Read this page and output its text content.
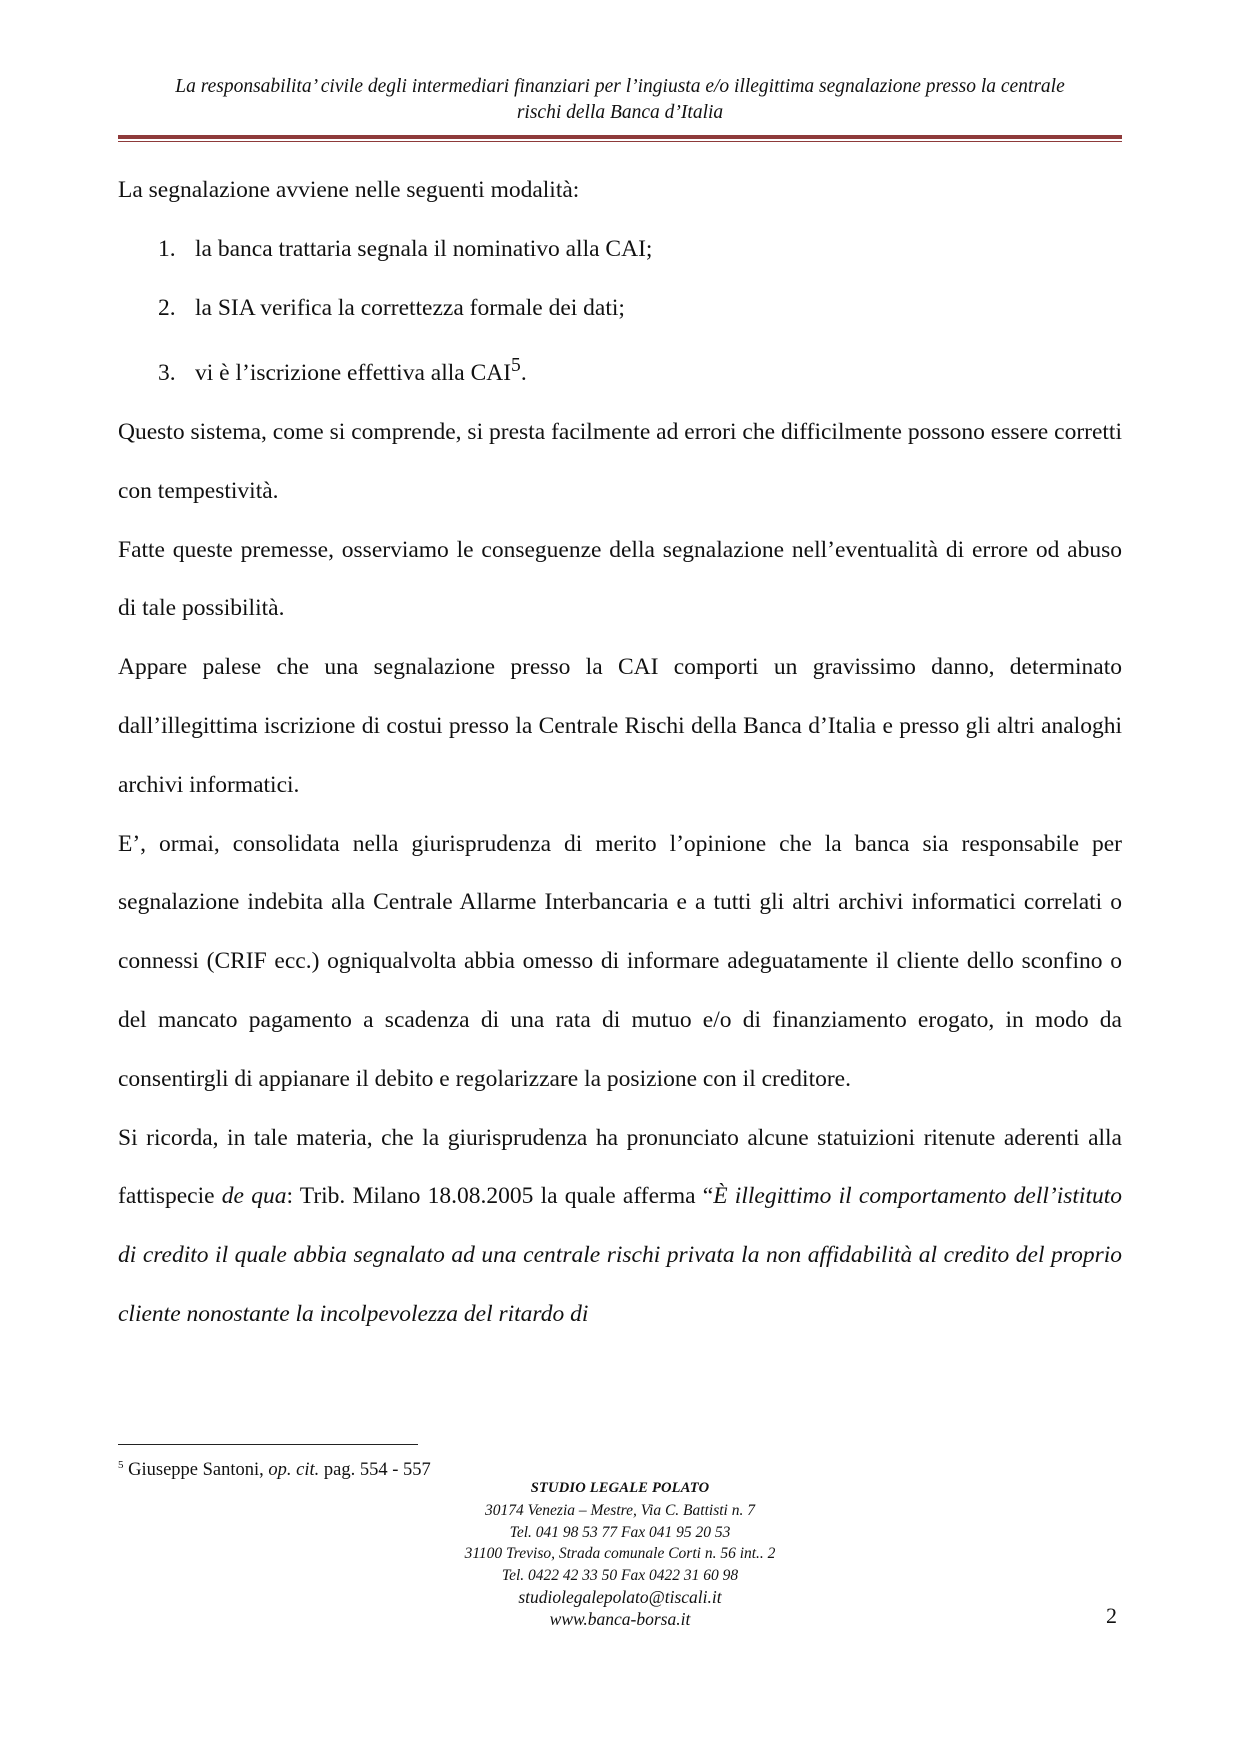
La responsabilita’ civile degli intermediari finanziari per l’ingiusta e/o illegittima segnalazione presso la centrale
rischi della Banca d’Italia

La segnalazione avviene nelle seguenti modalità:

1. la banca trattaria segnala il nominativo alla CAI;
2. la SIA verifica la correttezza formale dei dati;
3. vi è l’iscrizione effettiva alla CAI$^5$.

Questo sistema, come si comprende, si presta facilmente ad errori che difficilmente possono essere corretti con tempestività.

Fatte queste premesse, osserviamo le conseguenze della segnalazione nell’eventualità di errore od abuso di tale possibilità.

Appare palese che una segnalazione presso la CAI comporti un gravissimo danno, determinato dall’illegittima iscrizione di costui presso la Centrale Rischi della Banca d’Italia e presso gli altri analoghi archivi informatici.

E’, ormai, consolidata nella giurisprudenza di merito l’opinione che la banca sia responsabile per segnalazione indebita alla Centrale Allarme Interbancaria e a tutti gli altri archivi informatici correlati o connessi (CRIF ecc.) ogniqualvolta abbia omesso di informare adeguatamente il cliente dello sconfino o del mancato pagamento a scadenza di una rata di mutuo e/o di finanziamento erogato, in modo da consentirgli di appianare il debito e regolarizzare la posizione con il creditore.

Si ricorda, in tale materia, che la giurisprudenza ha pronunciato alcune statuizioni ritenute aderenti alla fattispecie de qua: Trib. Milano 18.08.2005 la quale afferma “È illegittimo il comportamento dell’istituto di credito il quale abbia segnalato ad una centrale rischi privata la non affidabilità al credito del proprio cliente nonostante la incolpevolezza del ritardo di

$^5$ Giuseppe Santoni, op. cit. pag. 554 - 557
STUDIO LEGALE POLATO
30174 Venezia – Mestre, Via C. Battisti n. 7
Tel. 041 98 53 77 Fax 041 95 20 53
31100 Treviso, Strada comunale Corti n. 56 int.. 2
Tel. 0422 42 33 50 Fax 0422 31 60 98
studiolegalepolato@tiscali.it
www.banca-borsa.it	2
